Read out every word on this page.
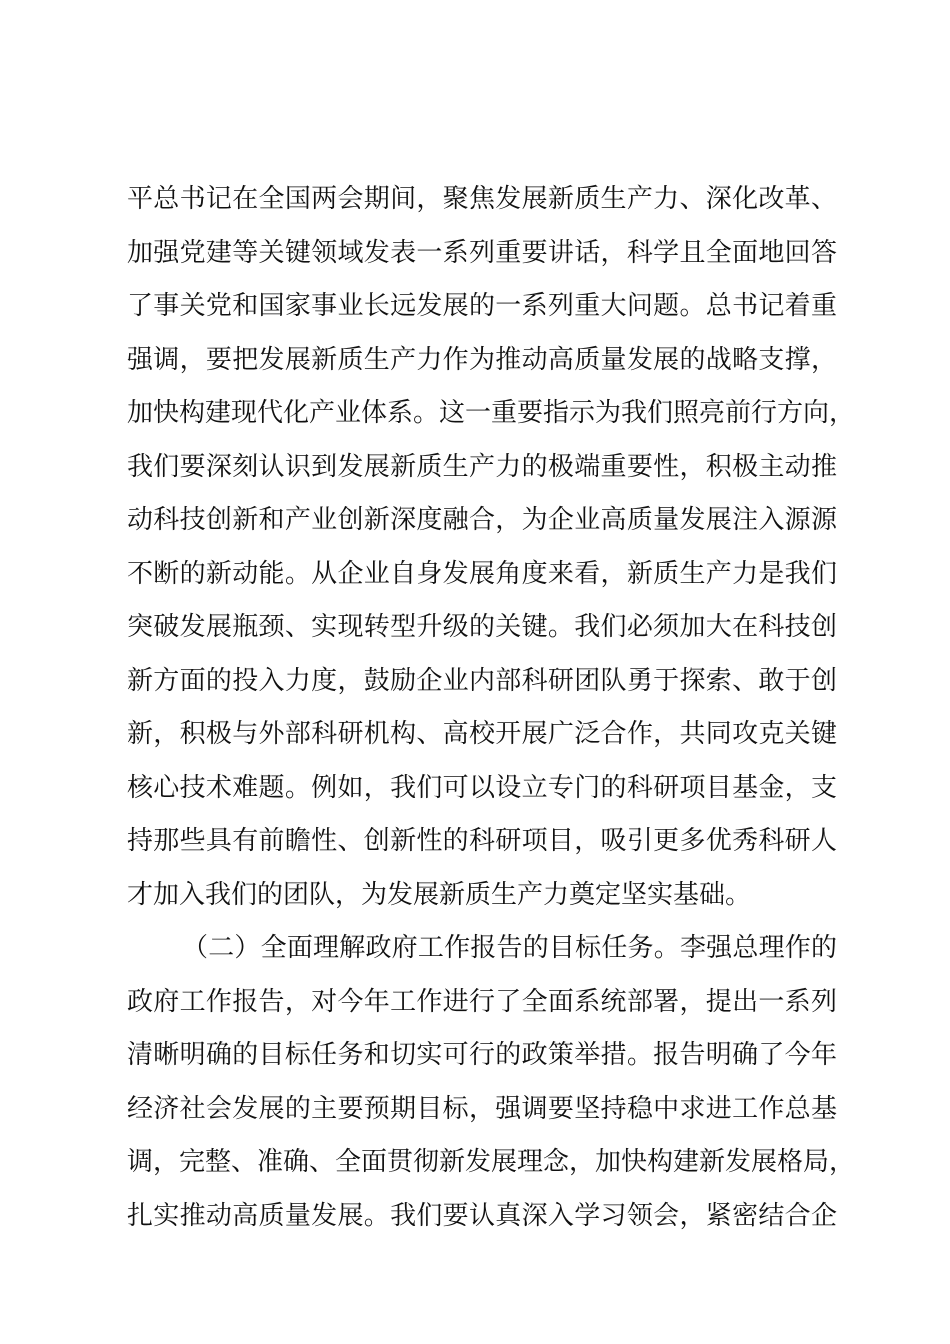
平总书记在全国两会期间，聚焦发展新质生产力、深化改革、
加强党建等关键领域发表一系列重要讲话，科学且全面地回答
了事关党和国家事业长远发展的一系列重大问题。总书记着重
强调，要把发展新质生产力作为推动高质量发展的战略支撑，
加快构建现代化产业体系。这一重要指示为我们照亮前行方向，
我们要深刻认识到发展新质生产力的极端重要性，积极主动推
动科技创新和产业创新深度融合，为企业高质量发展注入源源
不断的新动能。从企业自身发展角度来看，新质生产力是我们
突破发展瓶颈、实现转型升级的关键。我们必须加大在科技创
新方面的投入力度，鼓励企业内部科研团队勇于探索、敢于创
新，积极与外部科研机构、高校开展广泛合作，共同攻克关键
核心技术难题。例如，我们可以设立专门的科研项目基金，支
持那些具有前瞻性、创新性的科研项目，吸引更多优秀科研人
才加入我们的团队，为发展新质生产力奠定坚实基础。
（二）全面理解政府工作报告的目标任务。李强总理作的
政府工作报告，对今年工作进行了全面系统部署，提出一系列
清晰明确的目标任务和切实可行的政策举措。报告明确了今年
经济社会发展的主要预期目标，强调要坚持稳中求进工作总基
调，完整、准确、全面贯彻新发展理念，加快构建新发展格局，
扎实推动高质量发展。我们要认真深入学习领会，紧密结合企
